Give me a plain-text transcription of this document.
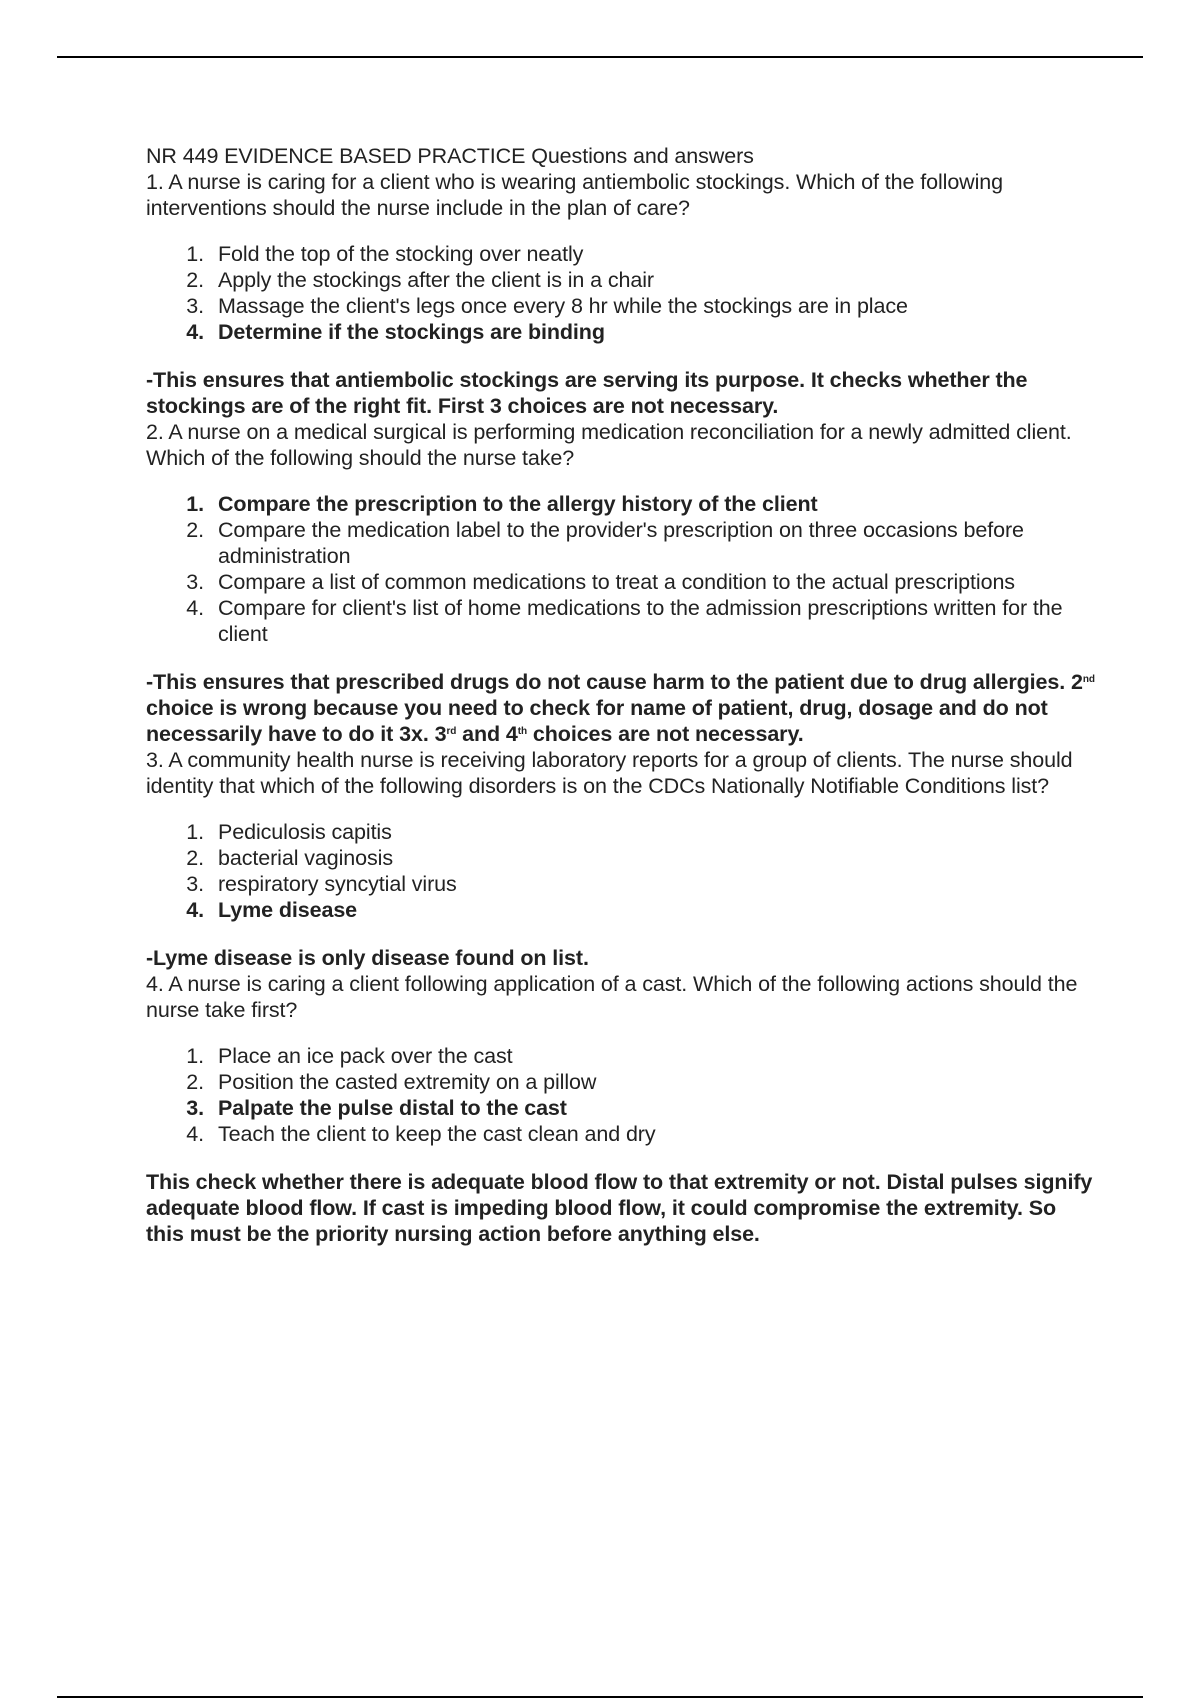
NR 449 EVIDENCE BASED PRACTICE Questions and answers

1. A nurse is caring for a client who is wearing antiembolic stockings. Which of the following interventions should the nurse include in the plan of care?

1. Fold the top of the stocking over neatly
2. Apply the stockings after the client is in a chair
3. Massage the client's legs once every 8 hr while the stockings are in place
4. Determine if the stockings are binding

-This ensures that antiembolic stockings are serving its purpose. It checks whether the stockings are of the right fit. First 3 choices are not necessary.

2. A nurse on a medical surgical is performing medication reconciliation for a newly admitted client. Which of the following should the nurse take?

1. Compare the prescription to the allergy history of the client
2. Compare the medication label to the provider's prescription on three occasions before administration
3. Compare a list of common medications to treat a condition to the actual prescriptions
4. Compare for client's list of home medications to the admission prescriptions written for the client

-This ensures that prescribed drugs do not cause harm to the patient due to drug allergies. 2nd choice is wrong because you need to check for name of patient, drug, dosage and do not necessarily have to do it 3x. 3rd and 4th choices are not necessary.

3. A community health nurse is receiving laboratory reports for a group of clients. The nurse should identity that which of the following disorders is on the CDCs Nationally Notifiable Conditions list?

1. Pediculosis capitis
2. bacterial vaginosis
3. respiratory syncytial virus
4. Lyme disease

-Lyme disease is only disease found on list.

4. A nurse is caring a client following application of a cast. Which of the following actions should the nurse take first?

1. Place an ice pack over the cast
2. Position the casted extremity on a pillow
3. Palpate the pulse distal to the cast
4. Teach the client to keep the cast clean and dry

This check whether there is adequate blood flow to that extremity or not. Distal pulses signify adequate blood flow. If cast is impeding blood flow, it could compromise the extremity. So this must be the priority nursing action before anything else.
